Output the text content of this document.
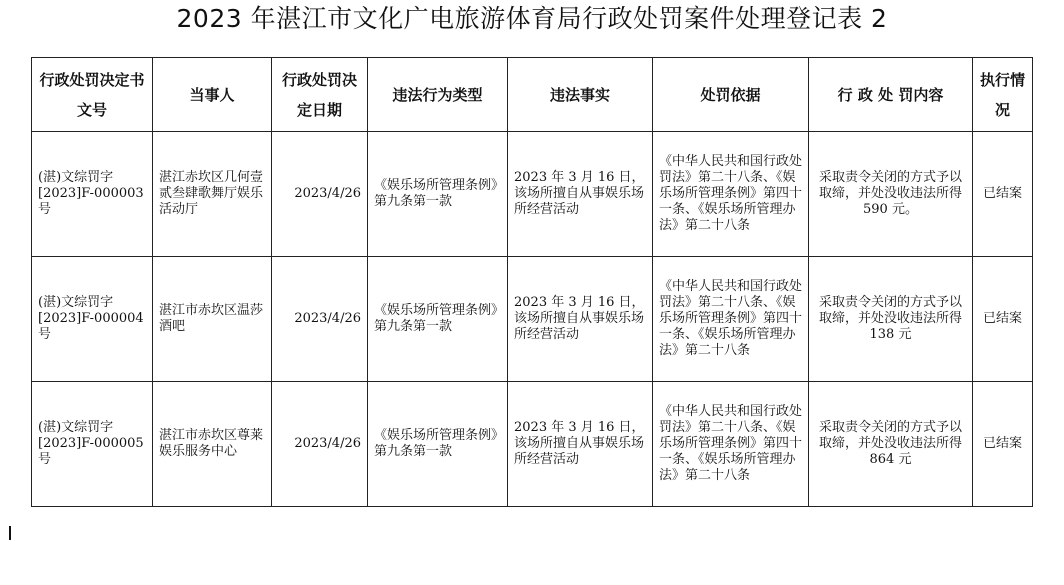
2023 年湛江市文化广电旅游体育局行政处罚案件处理登记表 2
行政处罚决定书文号	当事人	行政处罚决定日期	违法行为类型	违法事实	处罚依据	行 政 处 罚内容	执行情况
(湛)文综罚字[2023]F-000003号	湛江赤坎区几何壹贰叁肆歌舞厅娱乐活动厅	2023/4/26	《娱乐场所管理条例》第九条第一款	2023 年 3 月 16 日，该场所擅自从事娱乐场所经营活动	《中华人民共和国行政处罚法》第二十八条、《娱乐场所管理条例》第四十一条、《娱乐场所管理办法》第二十八条	采取责令关闭的方式予以取缔，并处没收违法所得 590 元。	已结案
(湛)文综罚字[2023]F-000004号	湛江市赤坎区温莎酒吧	2023/4/26	《娱乐场所管理条例》第九条第一款	2023 年 3 月 16 日，该场所擅自从事娱乐场所经营活动	《中华人民共和国行政处罚法》第二十八条、《娱乐场所管理条例》第四十一条、《娱乐场所管理办法》第二十八条	采取责令关闭的方式予以取缔，并处没收违法所得 138 元	已结案
(湛)文综罚字[2023]F-000005号	湛江市赤坎区尊莱娱乐服务中心	2023/4/26	《娱乐场所管理条例》第九条第一款	2023 年 3 月 16 日，该场所擅自从事娱乐场所经营活动	《中华人民共和国行政处罚法》第二十八条、《娱乐场所管理条例》第四十一条、《娱乐场所管理办法》第二十八条	采取责令关闭的方式予以取缔，并处没收违法所得 864 元	已结案
